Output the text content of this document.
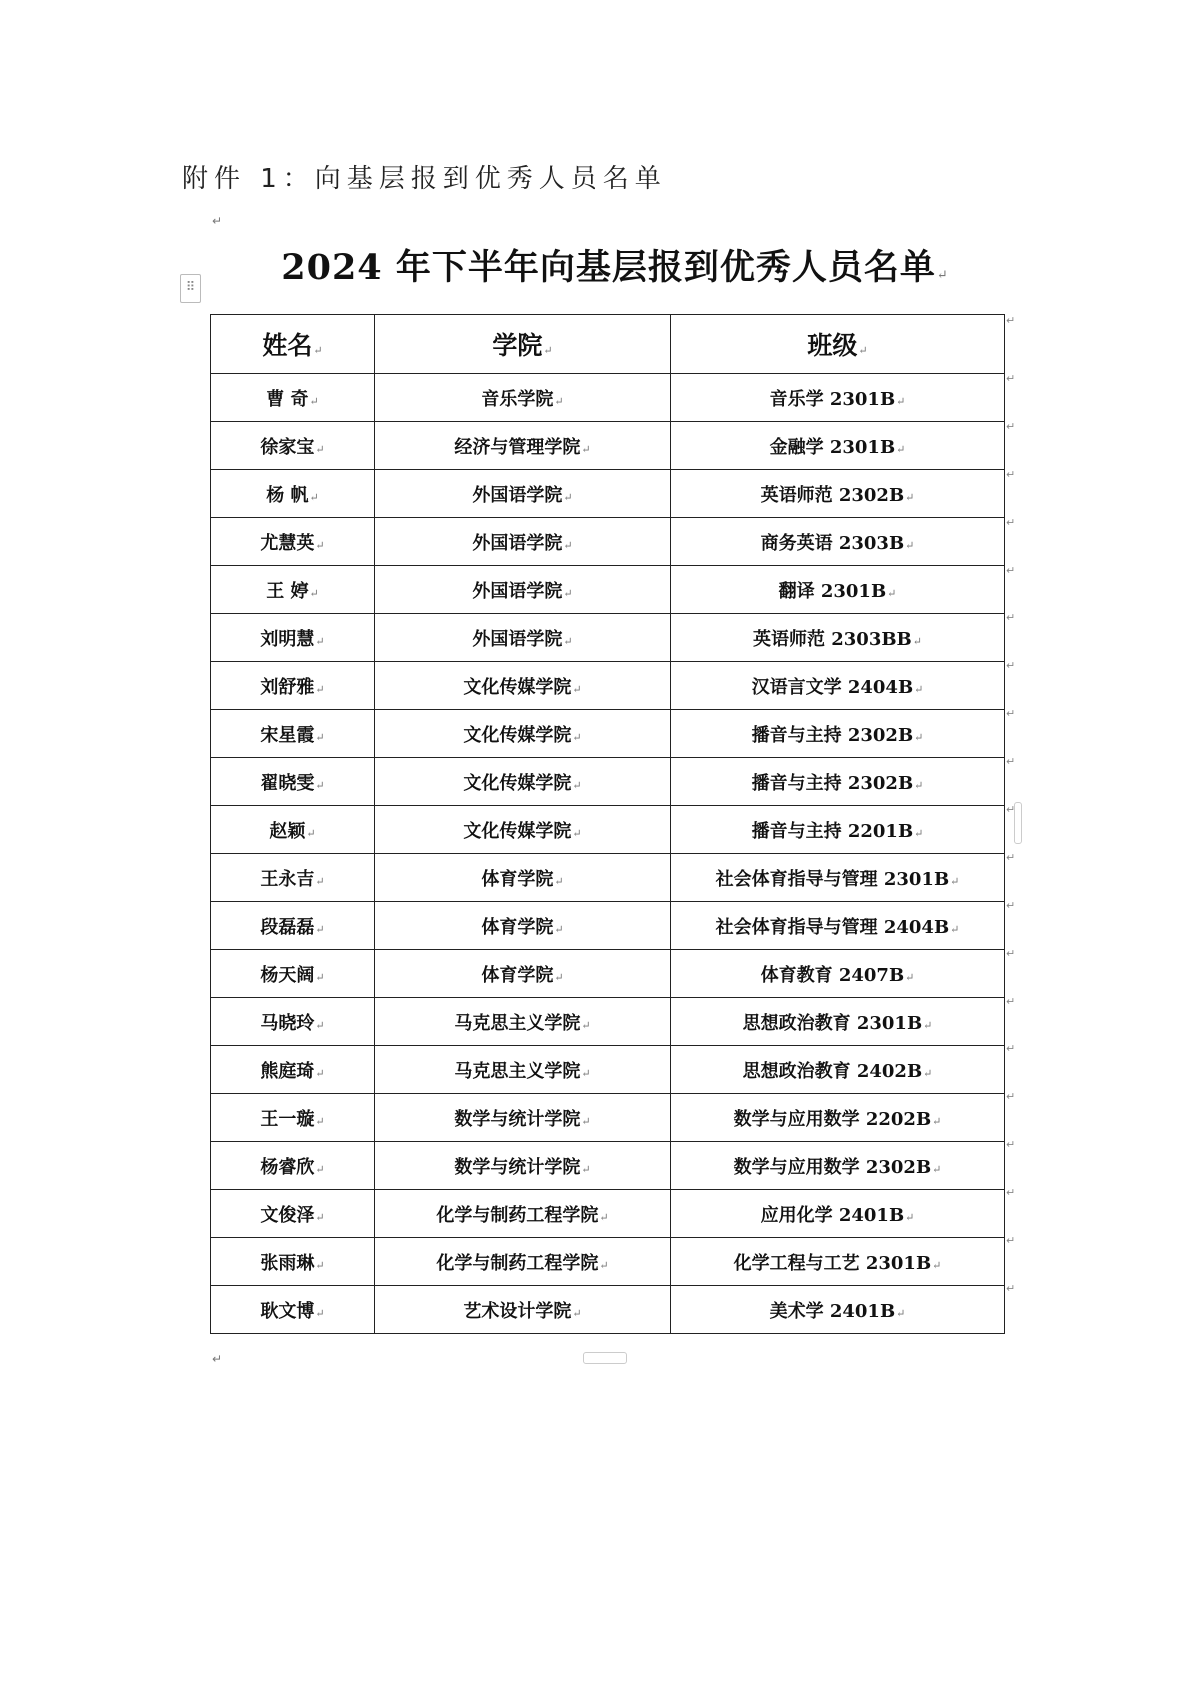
附件 1：向基层报到优秀人员名单
↵
⠿	2024 年下半年向基层报到优秀人员名单↵
姓名↵	学院↵	班级↵
曹 奇↵	音乐学院↵	音乐学 2301B↵
徐家宝↵	经济与管理学院↵	金融学 2301B↵
杨 帆↵	外国语学院↵	英语师范 2302B↵
尤慧英↵	外国语学院↵	商务英语 2303B↵
王 婷↵	外国语学院↵	翻译 2301B↵
刘明慧↵	外国语学院↵	英语师范 2303BB↵
刘舒雅↵	文化传媒学院↵	汉语言文学 2404B↵
宋星霞↵	文化传媒学院↵	播音与主持 2302B↵
翟晓雯↵	文化传媒学院↵	播音与主持 2302B↵
赵颖↵	文化传媒学院↵	播音与主持 2201B↵
王永吉↵	体育学院↵	社会体育指导与管理 2301B↵
段磊磊↵	体育学院↵	社会体育指导与管理 2404B↵
杨天阔↵	体育学院↵	体育教育 2407B↵
马晓玲↵	马克思主义学院↵	思想政治教育 2301B↵
熊庭琦↵	马克思主义学院↵	思想政治教育 2402B↵
王一璇↵	数学与统计学院↵	数学与应用数学 2202B↵
杨睿欣↵	数学与统计学院↵	数学与应用数学 2302B↵
文俊泽↵	化学与制药工程学院↵	应用化学 2401B↵
张雨琳↵	化学与制药工程学院↵	化学工程与工艺 2301B↵
耿文博↵	艺术设计学院↵	美术学 2401B↵
↵
↵
↵
↵
↵
↵
↵
↵
↵
↵
↵
↵
↵
↵
↵
↵
↵
↵
↵
↵
↵
↵
